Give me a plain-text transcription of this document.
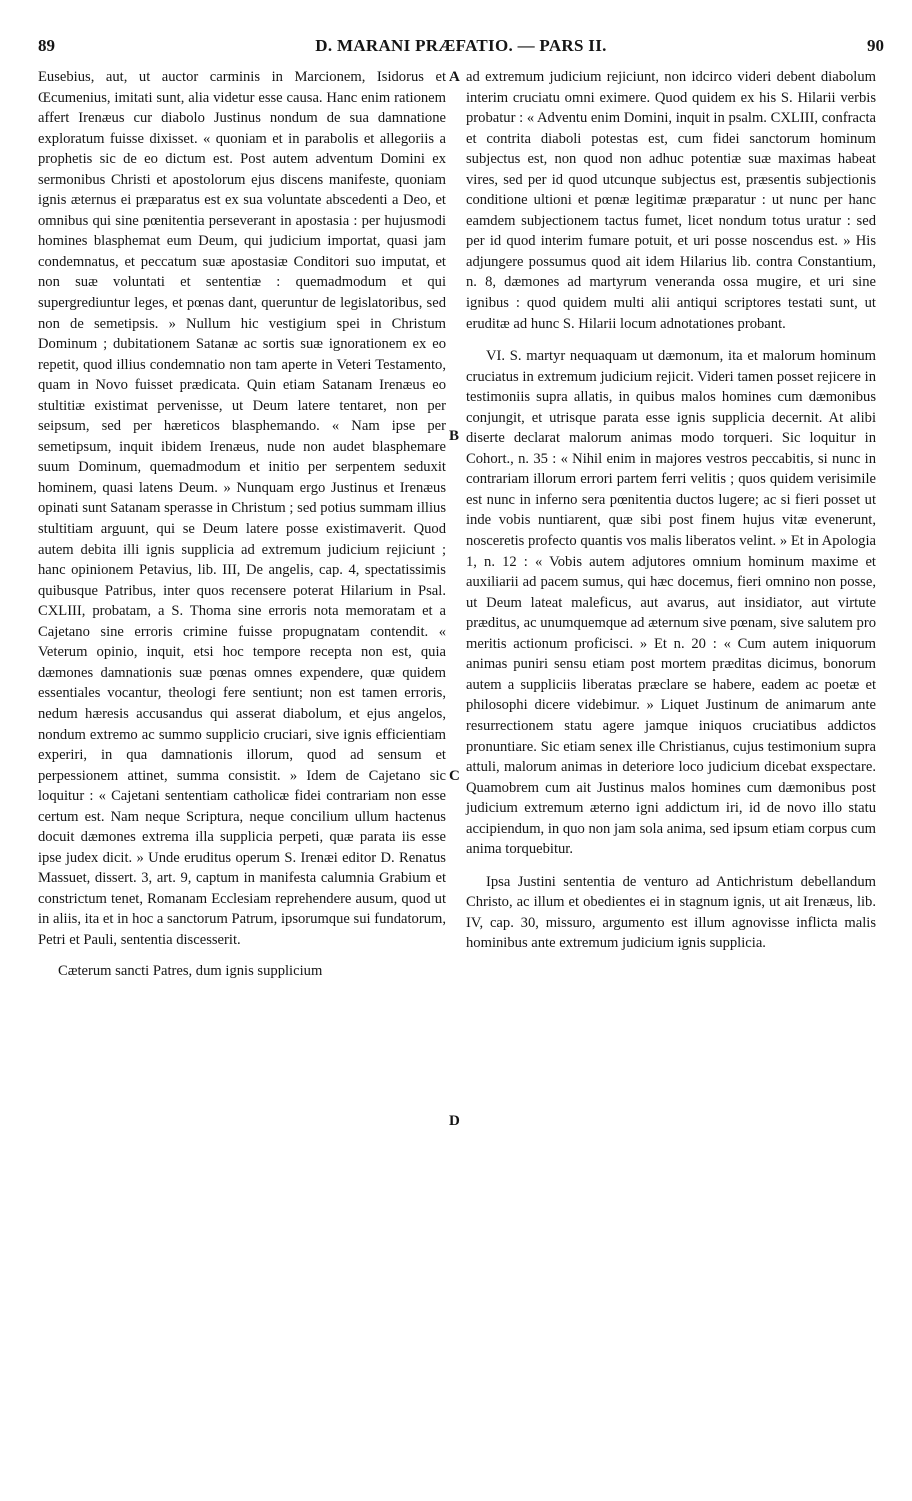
89	D. MARANI PRÆFATIO. — PARS II.	90

Eusebius, aut, ut auctor carminis in Marcionem, Isidorus et Œcumenius, imitati sunt, alia videtur esse causa. Hanc enim rationem affert Irenæus cur diabolo Justinus nondum de sua damnatione exploratum fuisse dixisset. « quoniam et in parabolis et allegoriis a prophetis sic de eo dictum est. Post autem adventum Domini ex sermonibus Christi et apostolorum ejus discens manifeste, quoniam ignis æternus ei præparatus est ex sua voluntate abscedenti a Deo, et omnibus qui sine pœnitentia perseverant in apostasia : per hujusmodi homines blasphemat eum Deum, qui judicium importat, quasi jam condemnatus, et peccatum suæ apostasiæ Conditori suo imputat, et non suæ voluntati et sententiæ : quemadmodum et qui supergrediuntur leges, et pœnas dant, queruntur de legislatoribus, sed non de semetipsis. » Nullum hic vestigium spei in Christum Dominum ; dubitationem Satanæ ac sortis suæ ignorationem ex eo repetit, quod illius condemnatio non tam aperte in Veteri Testamento, quam in Novo fuisset prædicata. Quin etiam Satanam Irenæus eo stultitiæ existimat pervenisse, ut Deum latere tentaret, non per seipsum, sed per hæreticos blasphemando. « Nam ipse per semetipsum, inquit ibidem Irenæus, nude non audet blasphemare suum Dominum, quemadmodum et initio per serpentem seduxit hominem, quasi latens Deum. » Nunquam ergo Justinus et Irenæus opinati sunt Satanam sperasse in Christum ; sed potius summam illius stultitiam arguunt, qui se Deum latere posse existimaverit. Quod autem debita illi ignis supplicia ad extremum judicium rejiciunt ; hanc opinionem Petavius, lib. III, De angelis, cap. 4, spectatissimis quibusque Patribus, inter quos recensere poterat Hilarium in Psal. CXLIII, probatam, a S. Thoma sine erroris nota memoratam et a Cajetano sine erroris crimine fuisse propugnatam contendit. « Veterum opinio, inquit, etsi hoc tempore recepta non est, quia dæmones damnationis suæ pœnas omnes expendere, quæ quidem essentiales vocantur, theologi fere sentiunt; non est tamen erroris, nedum hæresis accusandus qui asserat diabolum, et ejus angelos, nondum extremo ac summo supplicio cruciari, sive ignis efficientiam experiri, in qua damnationis illorum, quod ad sensum et perpessionem attinet, summa consistit. » Idem de Cajetano sic loquitur : « Cajetani sententiam catholicæ fidei contrariam non esse certum est. Nam neque Scriptura, neque concilium ullum hactenus docuit dæmones extrema illa supplicia perpeti, quæ parata iis esse ipse judex dicit. » Unde eruditus operum S. Irenæi editor D. Renatus Massuet, dissert. 3, art. 9, captum in manifesta calumnia Grabium et constrictum tenet, Romanam Ecclesiam reprehendere ausum, quod ut in aliis, ita et in hoc a sanctorum Patrum, ipsorumque sui fundatorum, Petri et Pauli, sententia discesserit.

Cæterum sancti Patres, dum ignis supplicium

A
B
C
D

ad extremum judicium rejiciunt, non idcirco videri debent diabolum interim cruciatu omni eximere. Quod quidem ex his S. Hilarii verbis probatur : « Adventu enim Domini, inquit in psalm. CXLIII, confracta et contrita diaboli potestas est, cum fidei sanctorum hominum subjectus est, non quod non adhuc potentiæ suæ maximas habeat vires, sed per id quod utcunque subjectus est, præsentis subjectionis conditione ultioni et pœnæ legitimæ præparatur : ut nunc per hanc eamdem subjectionem tactus fumet, licet nondum totus uratur : sed per id quod interim fumare potuit, et uri posse noscendus est. » His adjungere possumus quod ait idem Hilarius lib. contra Constantium, n. 8, dæmones ad martyrum veneranda ossa mugire, et uri sine ignibus : quod quidem multi alii antiqui scriptores testati sunt, ut eruditæ ad hunc S. Hilarii locum adnotationes probant.

VI. S. martyr nequaquam ut dæmonum, ita et malorum hominum cruciatus in extremum judicium rejicit. Videri tamen posset rejicere in testimoniis supra allatis, in quibus malos homines cum dæmonibus conjungit, et utrisque parata esse ignis supplicia decernit. At alibi diserte declarat malorum animas modo torqueri. Sic loquitur in Cohort., n. 35 : « Nihil enim in majores vestros peccabitis, si nunc in contrariam illorum errori partem ferri velitis ; quos quidem verisimile est nunc in inferno sera pœnitentia ductos lugere; ac si fieri posset ut inde vobis nuntiarent, quæ sibi post finem hujus vitæ evenerunt, nosceretis profecto quantis vos malis liberatos velint. » Et in Apologia 1, n. 12 : « Vobis autem adjutores omnium hominum maxime et auxiliarii ad pacem sumus, qui hæc docemus, fieri omnino non posse, ut Deum lateat maleficus, aut avarus, aut insidiator, aut virtute præditus, ac unumquemque ad æternum sive pœnam, sive salutem pro meritis actionum proficisci. » Et n. 20 : « Cum autem iniquorum animas puniri sensu etiam post mortem præditas dicimus, bonorum autem a suppliciis liberatas præclare se habere, eadem ac poetæ et philosophi dicere videbimur. » Liquet Justinum de animarum ante resurrectionem statu agere jamque iniquos cruciatibus addictos pronuntiare. Sic etiam senex ille Christianus, cujus testimonium supra attuli, malorum animas in deteriore loco judicium dicebat exspectare. Quamobrem cum ait Justinus malos homines cum dæmonibus post judicium extremum æterno igni addictum iri, id de novo illo statu accipiendum, in quo non jam sola anima, sed ipsum etiam corpus cum anima torquebitur.

Ipsa Justini sententia de venturo ad Antichristum debellandum Christo, ac illum et obedientes ei in stagnum ignis, ut ait Irenæus, lib. IV, cap. 30, missuro, argumento est illum agnovisse inflicta malis hominibus ante extremum judicium ignis supplicia.
